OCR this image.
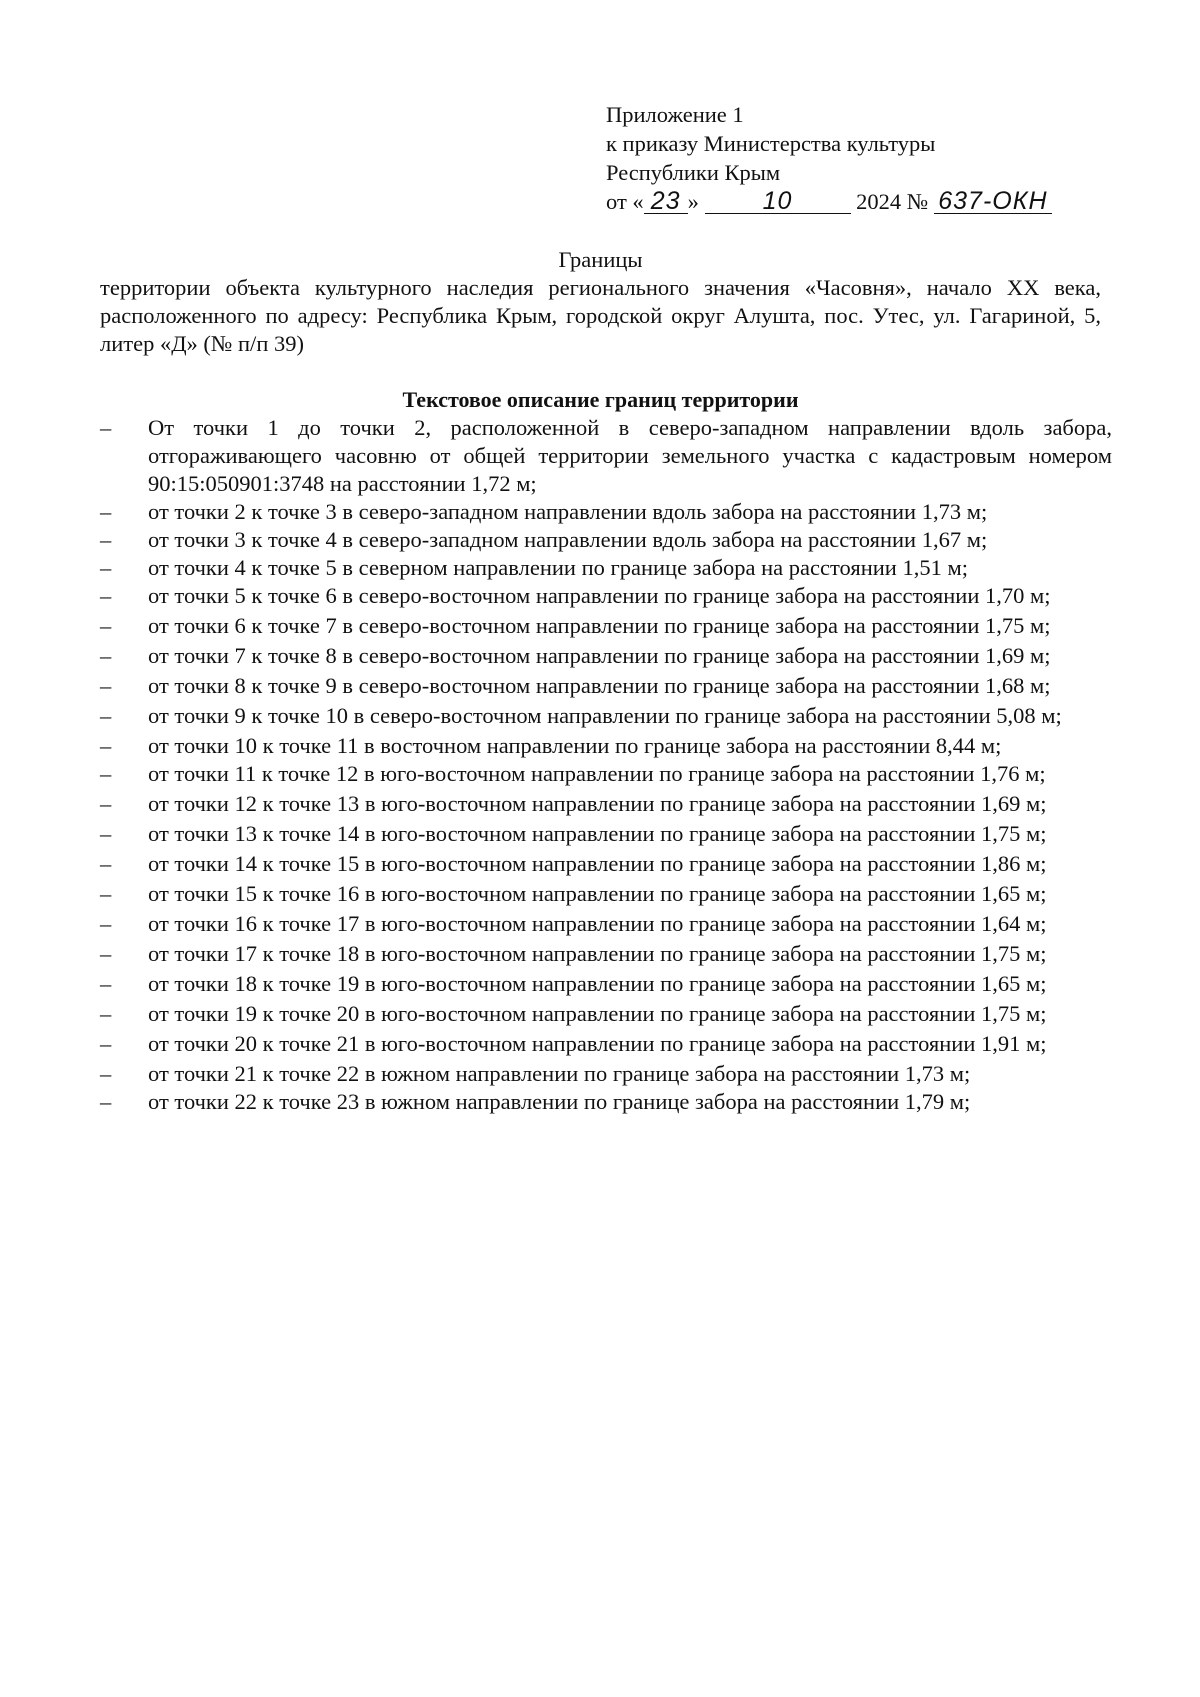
Приложение 1
к приказу Министерства культуры
Республики Крым
от « 23 »	10	2024 № 637-ОКН
Границы
территории объекта культурного наследия регионального значения «Часовня», начало XX века, расположенного по адресу: Республика Крым, городской округ Алушта, пос. Утес, ул. Гагариной, 5, литер «Д» (№ п/п 39)
Текстовое описание границ территории
–	От точки 1 до точки 2, расположенной в северо-западном направлении вдоль забора, отгораживающего часовню от общей территории земельного участка с кадастровым номером 90:15:050901:3748 на расстоянии 1,72 м;
–	от точки 2 к точке 3 в северо-западном направлении вдоль забора на расстоянии 1,73 м;
–	от точки 3 к точке 4 в северо-западном направлении вдоль забора на расстоянии 1,67 м;
–	от точки 4 к точке 5 в северном направлении по границе забора на расстоянии 1,51 м;
–	от точки 5 к точке 6 в северо-восточном направлении по границе забора на расстоянии 1,70 м;
–	от точки 6 к точке 7 в северо-восточном направлении по границе забора на расстоянии 1,75 м;
–	от точки 7 к точке 8 в северо-восточном направлении по границе забора на расстоянии 1,69 м;
–	от точки 8 к точке 9 в северо-восточном направлении по границе забора на расстоянии 1,68 м;
–	от точки 9 к точке 10 в северо-восточном направлении по границе забора на расстоянии 5,08 м;
–	от точки 10 к точке 11 в восточном направлении по границе забора на расстоянии 8,44 м;
–	от точки 11 к точке 12 в юго-восточном направлении по границе забора на расстоянии 1,76 м;
–	от точки 12 к точке 13 в юго-восточном направлении по границе забора на расстоянии 1,69 м;
–	от точки 13 к точке 14 в юго-восточном направлении по границе забора на расстоянии 1,75 м;
–	от точки 14 к точке 15 в юго-восточном направлении по границе забора на расстоянии 1,86 м;
–	от точки 15 к точке 16 в юго-восточном направлении по границе забора на расстоянии 1,65 м;
–	от точки 16 к точке 17 в юго-восточном направлении по границе забора на расстоянии 1,64 м;
–	от точки 17 к точке 18 в юго-восточном направлении по границе забора на расстоянии 1,75 м;
–	от точки 18 к точке 19 в юго-восточном направлении по границе забора на расстоянии 1,65 м;
–	от точки 19 к точке 20 в юго-восточном направлении по границе забора на расстоянии 1,75 м;
–	от точки 20 к точке 21 в юго-восточном направлении по границе забора на расстоянии 1,91 м;
–	от точки 21 к точке 22 в южном направлении по границе забора на расстоянии 1,73 м;
–	от точки 22 к точке 23 в южном направлении по границе забора на расстоянии 1,79 м;
